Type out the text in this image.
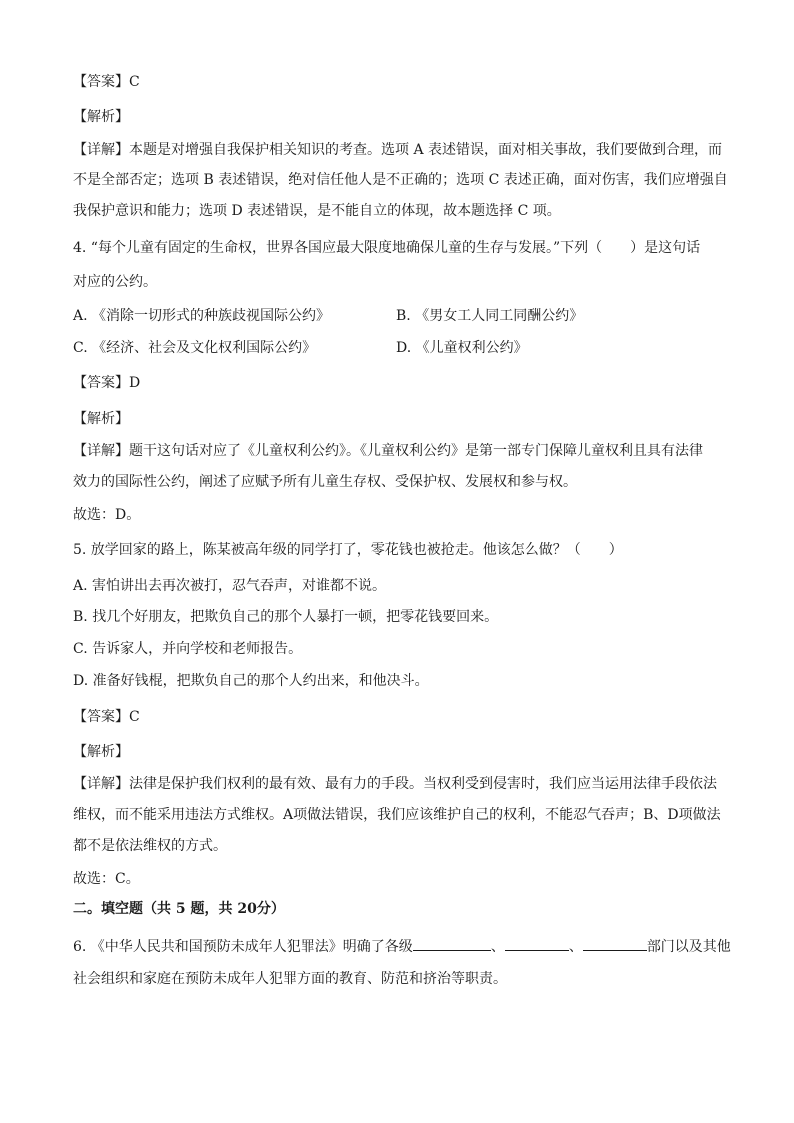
【答案】C
【解析】
【详解】本题是对增强自我保护相关知识的考查。选项 A 表述错误，面对相关事故，我们要做到合理，而
不是全部否定；选项 B 表述错误，绝对信任他人是不正确的；选项 C 表述正确，面对伤害，我们应增强自
我保护意识和能力；选项 D 表述错误，是不能自立的体现，故本题选择 C 项。
4. “每个儿童有固定的生命权，世界各国应最大限度地确保儿童的生存与发展。”下列（　　）是这句话
对应的公约。
A. 《消除一切形式的种族歧视国际公约》	B. 《男女工人同工同酬公约》
C. 《经济、社会及文化权利国际公约》	D. 《儿童权利公约》
【答案】D
【解析】
【详解】题干这句话对应了《儿童权利公约》。《儿童权利公约》是第一部专门保障儿童权利且具有法律
效力的国际性公约，阐述了应赋予所有儿童生存权、受保护权、发展权和参与权。
故选：D。
5. 放学回家的路上，陈某被高年级的同学打了，零花钱也被抢走。他该怎么做？（　　）
A. 害怕讲出去再次被打，忍气吞声，对谁都不说。
B. 找几个好朋友，把欺负自己的那个人暴打一顿，把零花钱要回来。
C. 告诉家人，并向学校和老师报告。
D. 准备好钱棍，把欺负自己的那个人约出来，和他决斗。
【答案】C
【解析】
【详解】法律是保护我们权利的最有效、最有力的手段。当权利受到侵害时，我们应当运用法律手段依法
维权，而不能采用违法方式维权。A项做法错误，我们应该维护自己的权利，不能忍气吞声；B、D项做法
都不是依法维权的方式。
故选：C。
二。填空题（共 5 题，共 20分）
6. 《中华人民共和国预防未成年人犯罪法》明确了各级	、	、	部门以及其他
社会组织和家庭在预防未成年人犯罪方面的教育、防范和挤治等职责。
